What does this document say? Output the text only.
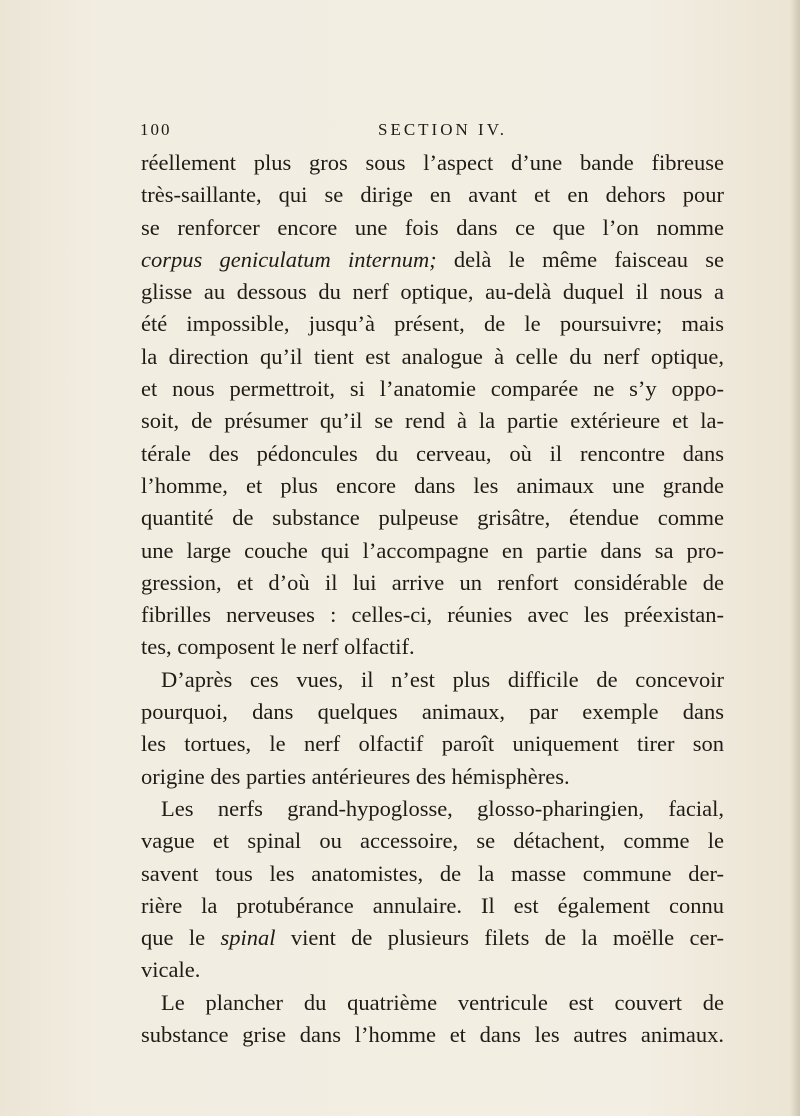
100	SECTION IV.
réellement plus gros sous l’aspect d’une bande fibreuse
très-saillante, qui se dirige en avant et en dehors pour
se renforcer encore une fois dans ce que l’on nomme
corpus geniculatum internum; delà le même faisceau se
glisse au dessous du nerf optique, au-delà duquel il nous a
été impossible, jusqu’à présent, de le poursuivre; mais
la direction qu’il tient est analogue à celle du nerf optique,
et nous permettroit, si l’anatomie comparée ne s’y oppo-
soit, de présumer qu’il se rend à la partie extérieure et la-
térale des pédoncules du cerveau, où il rencontre dans
l’homme, et plus encore dans les animaux une grande
quantité de substance pulpeuse grisâtre, étendue comme
une large couche qui l’accompagne en partie dans sa pro-
gression, et d’où il lui arrive un renfort considérable de
fibrilles nerveuses : celles-ci, réunies avec les préexistan-
tes, composent le nerf olfactif.
D’après ces vues, il n’est plus difficile de concevoir
pourquoi, dans quelques animaux, par exemple dans
les tortues, le nerf olfactif paroît uniquement tirer son
origine des parties antérieures des hémisphères.
Les nerfs grand-hypoglosse, glosso-pharingien, facial,
vague et spinal ou accessoire, se détachent, comme le
savent tous les anatomistes, de la masse commune der-
rière la protubérance annulaire. Il est également connu
que le spinal vient de plusieurs filets de la moëlle cer-
vicale.
Le plancher du quatrième ventricule est couvert de
substance grise dans l’homme et dans les autres animaux.
